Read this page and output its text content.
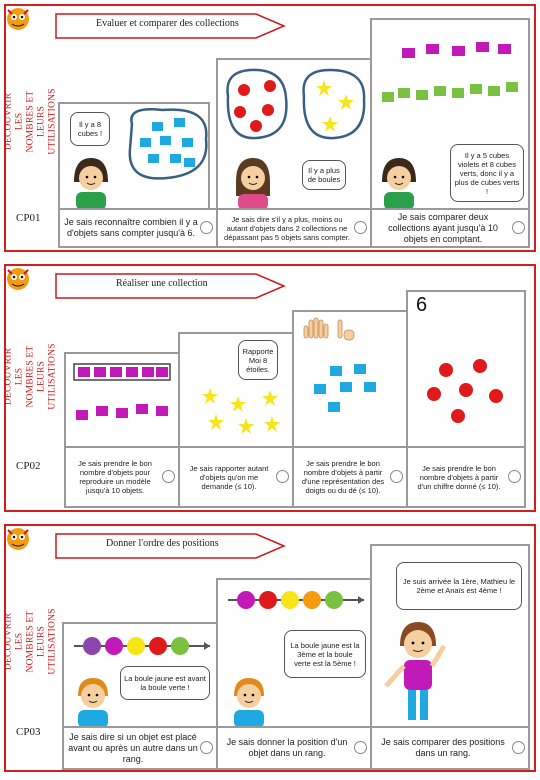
DECOUVRIR LES NOMBRES ET LEURS UTILISATIONS
CP01
Evaluer et comparer des collections
Il y a 8 cubes !
Je sais reconnaître combien il y a d'objets sans compter jusqu'à 6.
Il y a plus de boules
Je sais dire s'il y a plus, moins ou autant d'objets dans 2 collections ne dépassant pas 5 objets sans compter.
Il y a 5 cubes violets et 8 cubes verts, donc il y a plus de cubes verts !
Je sais comparer deux collections ayant jusqu'à 10 objets en comptant.
DECOUVRIR LES NOMBRES ET LEURS UTILISATIONS
CP02
Réaliser une collection
Je sais prendre le bon nombre d'objets pour reproduire un modèle jusqu'à 10 objets.
Rapporte Moi 8 étoiles.
Je sais rapporter autant d'objets qu'on me demande (≤ 10).
Je sais prendre le bon nombre d'objets à partir d'une représentation des doigts ou du dé (≤ 10).
6
Je sais prendre le bon nombre d'objets à partir d'un chiffre donné (≤ 10).
DECOUVRIR LES NOMBRES ET LEURS UTILISATIONS
CP03
Donner l'ordre des positions
La boule jaune est avant la boule verte !
Je sais dire si un objet est placé avant ou après un autre dans un rang.
La boule jaune est la 3ème et la boule verte est la 5ème !
Je sais donner la position d'un objet dans un rang.
Je suis arrivée la 1ère, Mathieu le 2ème et Anaïs est 4ème !
Je sais comparer des positions dans un rang.
